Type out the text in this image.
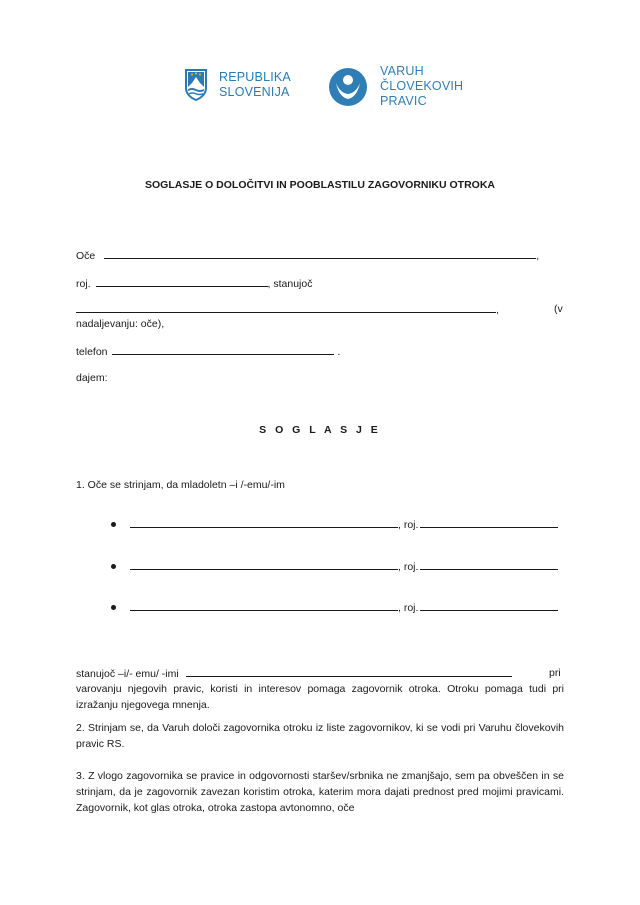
REPUBLIKA
SLOVENIJA
VARUH
ČLOVEKOVIH
PRAVIC
SOGLASJE O DOLOČITVI IN POOBLASTILU ZAGOVORNIKU OTROKA
Oče	,
roj.	, stanujoč
,	(v
nadaljevanju: oče),
telefon	.
dajem:
S O G L A S J E
1. Oče se strinjam, da mladoletn –i /-emu/-im
, roj.
, roj.
, roj.
stanujoč –i/- emu/ -imi	pri
varovanju njegovih pravic, koristi in interesov pomaga zagovornik otroka. Otroku pomaga tudi pri izražanju njegovega mnenja.
2. Strinjam se, da Varuh določi zagovornika otroku iz liste zagovornikov, ki se vodi pri Varuhu človekovih pravic RS.
3. Z vlogo zagovornika se pravice in odgovornosti staršev/srbnika ne zmanjšajo, sem pa obveščen in se strinjam, da je zagovornik zavezan koristim otroka, katerim mora dajati prednost pred mojimi pravicami. Zagovornik, kot glas otroka, otroka zastopa avtonomno, oče
